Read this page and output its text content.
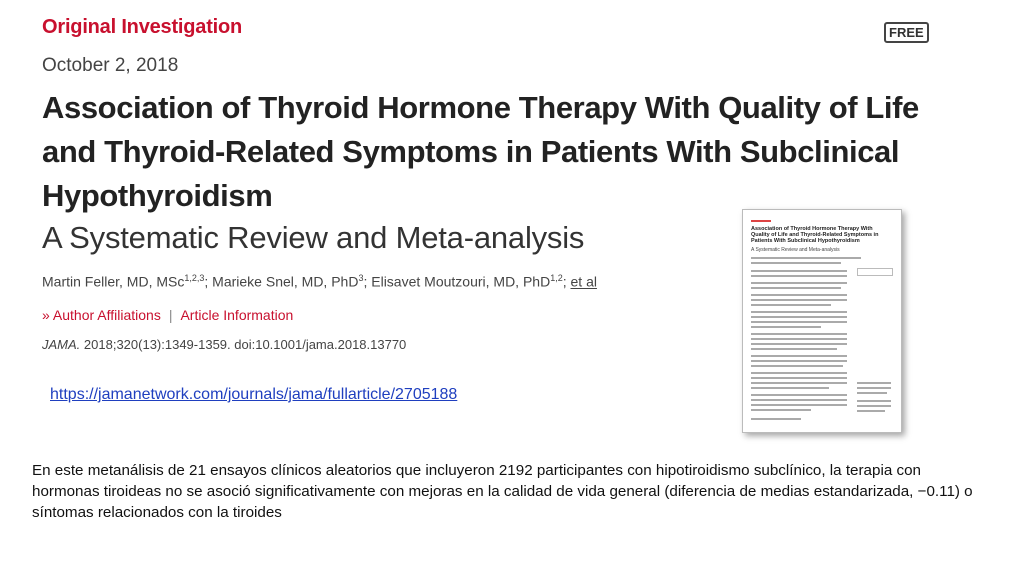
Original Investigation	FREE
October 2, 2018
Association of Thyroid Hormone Therapy With Quality of Life and Thyroid-Related Symptoms in Patients With Subclinical Hypothyroidism
A Systematic Review and Meta-analysis
Martin Feller, MD, MSc$^{1,2,3}$; Marieke Snel, MD, PhD$^3$; Elisavet Moutzouri, MD, PhD$^{1,2}$; et al
» Author Affiliations | Article Information
JAMA. 2018;320(13):1349-1359. doi:10.1001/jama.2018.13770
Association of Thyroid Hormone Therapy With Quality of Life and Thyroid-Related Symptoms in Patients With Subclinical Hypothyroidism
A Systematic Review and Meta-analysis
https://jamanetwork.com/journals/jama/fullarticle/2705188
En este metanálisis de 21 ensayos clínicos aleatorios que incluyeron 2192 participantes con hipotiroidismo subclínico, la terapia con hormonas tiroideas no se asoció significativamente con mejoras en la calidad de vida general (diferencia de medias estandarizada, −0.11) o síntomas relacionados con la tiroides
